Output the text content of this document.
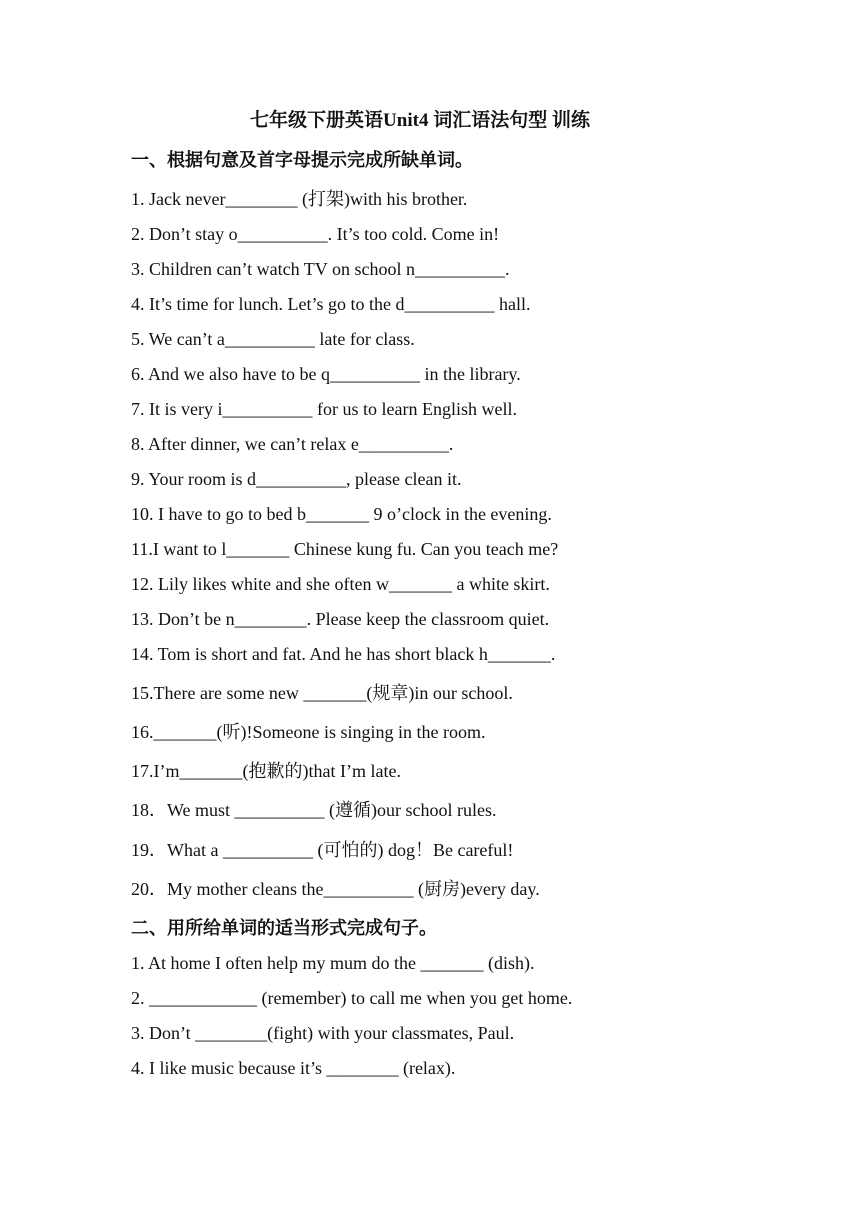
七年级下册英语Unit4 词汇语法句型 训练
一、根据句意及首字母提示完成所缺单词。
1. Jack never________ (打架)with his brother.
2. Don’t stay o__________. It’s too cold. Come in!
3. Children can’t watch TV on school n__________.
4. It’s time for lunch. Let’s go to the d__________ hall.
5. We can’t a__________ late for class.
6. And we also have to be q__________ in the library.
7. It is very i__________ for us to learn English well.
8. After dinner, we can’t relax e__________.
9. Your room is d__________, please clean it.
10. I have to go to bed b_______ 9 o’clock in the evening.
11.I want to l_______ Chinese kung fu. Can you teach me?
12. Lily likes white and she often w_______ a white skirt.
13. Don’t be n________. Please keep the classroom quiet.
14. Tom is short and fat. And he has short black h_______.
15.There are some new _______(规章)in our school.
16._______(听)!Someone is singing in the room.
17.I’m_______(抱歉的)that I’m late.
18．We must __________ (遵循)our school rules.
19．What a __________ (可怕的) dog！Be careful!
20．My mother cleans the__________ (厨房)every day.
二、用所给单词的适当形式完成句子。
1. At home I often help my mum do the _______ (dish).
2. ____________ (remember) to call me when you get home.
3. Don’t ________(fight) with your classmates, Paul.
4. I like music because it’s ________ (relax).
